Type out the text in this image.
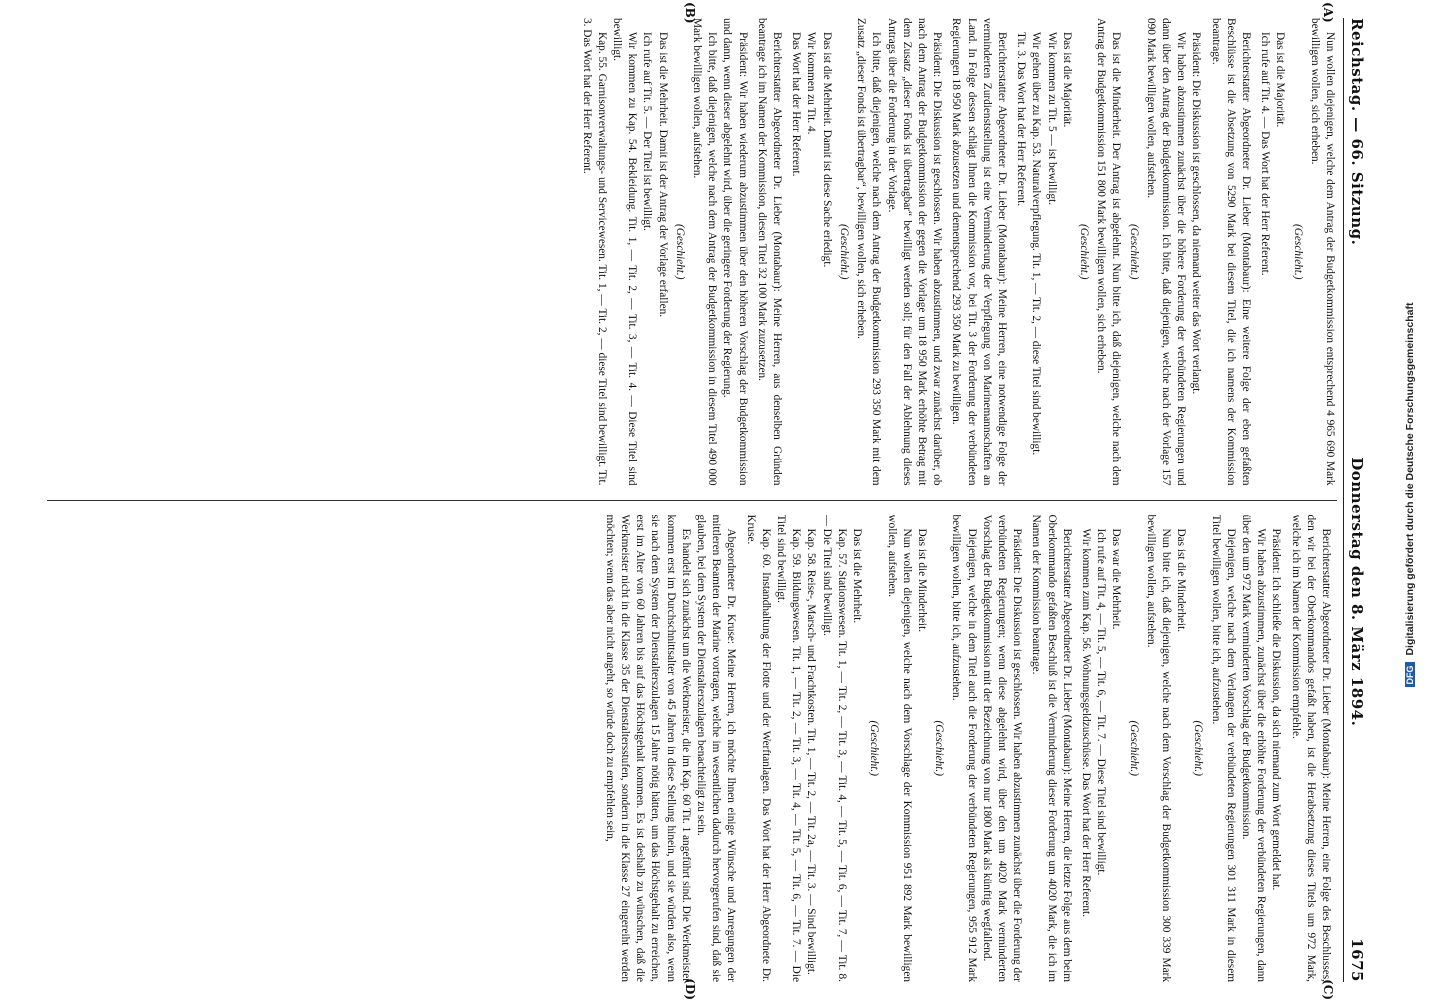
Reichstag. — 66. Sitzung.
Donnerstag den 8. März 1894.
1675

Nun wollen diejenigen, welche dem Antrag der Budgetkommission entsprechend 4 965 690 Mark bewilligen wollen, sich erheben.

(Geschieht.)

Das ist die Majorität.

Ich rufe auf Tit. 4. — Das Wort hat der Herr Referent.

Berichterstatter Abgeordneter Dr. Lieber (Montabaur): Eine weitere Folge der eben gefaßten Beschlüsse ist die Absetzung von 5290 Mark bei diesem Titel, die ich namens der Kommission beantrage.

Präsident: Die Diskussion ist geschlossen, da niemand weiter das Wort verlangt.

Wir haben abzustimmen zunächst über die höhere Forderung der verbündeten Regierungen und dann über den Antrag der Budgetkommission. Ich bitte, daß diejenigen, welche nach der Vorlage 157 090 Mark bewilligen wollen, aufstehen.

(Geschieht.)

Das ist die Minderheit. Der Antrag ist abgelehnt. Nun bitte ich, daß diejenigen, welche nach dem Antrag der Budgetkommission 151 800 Mark bewilligen wollen, sich erheben.

(Geschieht.)

Das ist die Majorität.

Wir kommen zu Tit. 5 — ist bewilligt.

Wir gehen über zu Kap. 53. Naturalverpflegung. Tit. 1, — Tit. 2, — diese Titel sind bewilligt.

Tit. 3. Das Wort hat der Herr Referent.

Berichterstatter Abgeordneter Dr. Lieber (Montabaur): Meine Herren, eine notwendige Folge der verminderten Zurdienststellung ist eine Verminderung der Verpflegung von Marinemannschaften an Land. In Folge dessen schlägt Ihnen die Kommission vor, bei Tit. 3 der Forderung der verbündeten Regierungen 18 950 Mark abzusetzen und dementsprechend 293 350 Mark zu bewilligen.

Präsident: Die Diskussion ist geschlossen. Wir haben abzustimmen, und zwar zunächst darüber, ob nach dem Antrag der Budgetkommission der gegen die Vorlage um 18 950 Mark erhöhte Betrag mit dem Zusatz „dieser Fonds ist übertragbar“ bewilligt werden soll; für den Fall der Ablehnung dieses Antrags über die Forderung in der Vorlage.

Ich bitte, daß diejenigen, welche nach dem Antrag der Budgetkommission 293 350 Mark mit dem Zusatz „dieser Fonds ist übertragbar“, bewilligen wollen, sich erheben.

(Geschieht.)

Das ist die Mehrheit. Damit ist diese Sache erledigt.

Wir kommen zu Tit. 4.

Das Wort hat der Herr Referent.

Berichterstatter Abgeordneter Dr. Lieber (Montabaur): Meine Herren, aus denselben Gründen beantrage ich im Namen der Kommission, diesen Titel 32 100 Mark zuzusetzen.

Präsident: Wir haben wiederum abzustimmen über den höheren Vorschlag der Budgetkommission und dann, wenn dieser abgelehnt wird, über die geringere Forderung der Regierung.

Ich bitte, daß diejenigen, welche nach dem Antrag der Budgetkommission in diesem Titel 490 000 Mark bewilligen wollen, aufstehen.

(Geschieht.)

Das ist die Mehrheit. Damit ist der Antrag der Vorlage erfallen.

Ich rufe auf Tit. 5. — Der Titel ist bewilligt.

Wir kommen zu Kap. 54. Bekleidung. Tit. 1, — Tit. 2, — Tit. 3, — Tit. 4. — Diese Titel sind bewilligt.

Kap. 55. Garnisonverwaltungs- und Servicewesen. Tit. 1, — Tit. 2, — diese Titel sind bewilligt. Tit. 3. Das Wort hat der Herr Referent.

Berichterstatter Abgeordneter Dr. Lieber (Montabaur): Meine Herren, eine Folge des Beschlusses, den wir bei der Oberkommandos gefaßt haben, ist die Herabsetzung dieses Titels um 972 Mark, welche ich im Namen der Kommission empfehle.

Präsident: Ich schließe die Diskussion, da sich niemand zum Wort gemeldet hat.

Wir haben abzustimmen, zunächst über die erhöhte Forderung der verbündeten Regierungen, dann über den um 972 Mark verminderten Vorschlag der Budgetkommission.

Diejenigen, welche nach dem Verlangen der verbündeten Regierungen 301 311 Mark in diesem Titel bewilligen wollen, bitte ich, aufzustehen.

(Geschieht.)

Das ist die Minderheit.

Nun bitte ich, daß diejenigen, welche nach dem Vorschlag der Budgetkommission 300 339 Mark bewilligen wollen, aufstehen.

(Geschieht.)

Das war die Mehrheit.

Ich rufe auf Tit. 4, — Tit. 5, — Tit. 6, — Tit. 7. — Diese Titel sind bewilligt.

Wir kommen zum Kap. 56. Wohnungsgeldzuschüsse. Das Wort hat der Herr Referent.

Berichterstatter Abgeordneter Dr. Lieber (Montabaur): Meine Herren, die letzte Folge aus dem beim Oberkommando gefaßten Beschluß ist die Verminderung dieser Forderung um 4020 Mark, die ich im Namen der Kommission beantrage.

Präsident: Die Diskussion ist geschlossen. Wir haben abzustimmen zunächst über die Forderung der verbündeten Regierungen; wenn diese abgelehnt wird, über den um 4020 Mark verminderten Vorschlag der Budgetkommission mit der Bezeichnung von nur 1800 Mark als künftig wegfallend.

Diejenigen, welche in dem Titel auch die Forderung der verbündeten Regierungen, 955 912 Mark bewilligen wollen, bitte ich, aufzustehen.

(Geschieht.)

Das ist die Minderheit.

Nun wollen diejenigen, welche nach dem Vorschlage der Kommission 951 892 Mark bewilligen wollen, aufstehen.

(Geschieht.)

Das ist die Mehrheit.

Kap. 57. Stationswesen. Tit. 1, — Tit. 2, — Tit. 3, — Tit. 4, — Tit. 5, — Tit. 6, — Tit. 7, — Tit. 8. — Die Titel sind bewilligt.

Kap. 58. Reise-, Marsch- und Frachtkosten. Tit. 1, — Tit. 2, — Tit. 2a, — Tit. 3. — Sind bewilligt.

Kap. 59. Bildungswesen. Tit. 1, — Tit. 2, — Tit. 3, — Tit. 4, — Tit. 5, — Tit. 6, — Tit. 7. — Die Titel sind bewilligt.

Kap. 60. Instandhaltung der Flotte und der Werftanlagen. Das Wort hat der Herr Abgeordnete Dr. Kruse.

Abgeordneter Dr. Kruse: Meine Herren, ich möchte Ihnen einige Wünsche und Anregungen der mittleren Beamten der Marine vortragen, welche im wesentlichen dadurch hervorgerufen sind, daß sie glauben, bei dem System der Dienstalterszulagen benachteiligt zu sein.

Es handelt sich zunächst um die Werkmeister, die im Kap. 60 Tit. 1 angeführt sind. Die Werkmeister kommen erst im Durchschnittsalter von 45 Jahren in diese Stellung hinein, und sie würden also, wenn sie nach dem System der Dienstalterszulagen 15 Jahre nötig hätten, um das Höchstgehalt zu erreichen, erst im Alter von 60 Jahren bis auf das Höchstgehalt kommen. Es ist deshalb zu wünschen, daß die Werkmeister nicht in die Klasse 35 der Dienstaltersstufen, sondern in die Klasse 27 eingereiht werden möchten; wenn das aber nicht angeht, so würde doch zu empfehlen sein,

(A)
(B)
(C)
(D)
DFG Digitalisierung gefördert durch die Deutsche Forschungsgemeinschaft
